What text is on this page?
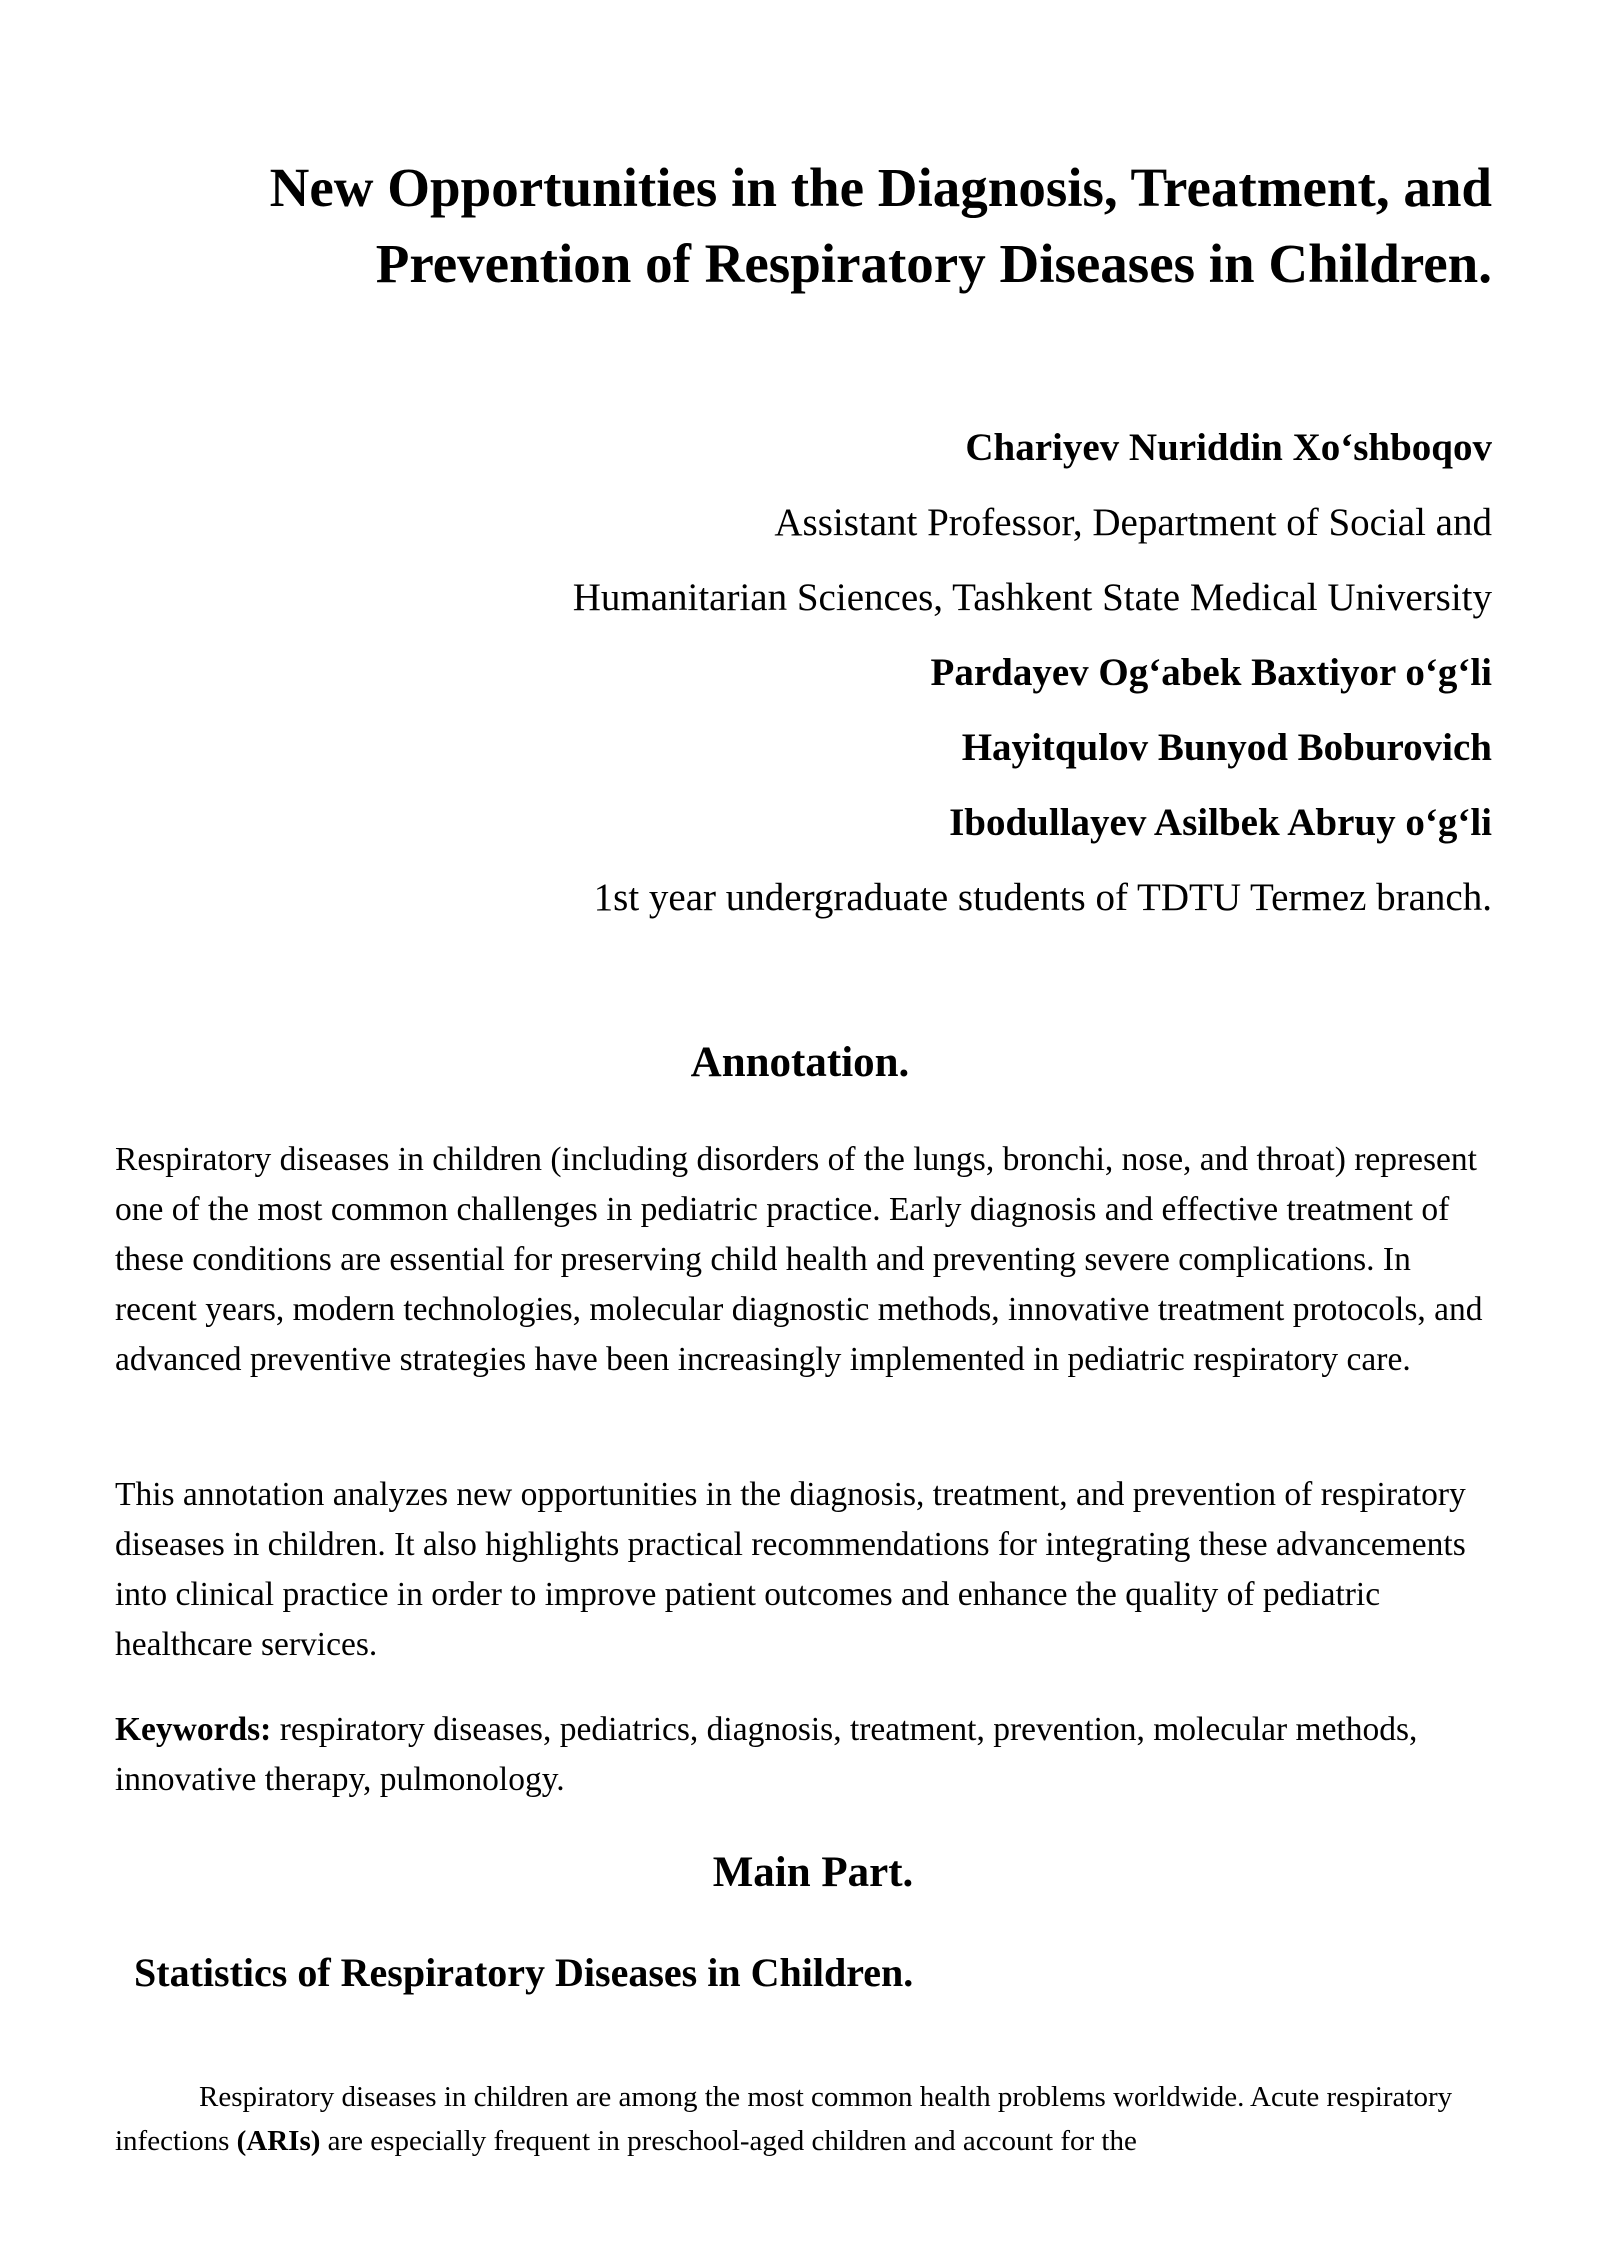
New Opportunities in the Diagnosis, Treatment, and
Prevention of Respiratory Diseases in Children.
Chariyev Nuriddin Xo‘shboqov
Assistant Professor, Department of Social and
Humanitarian Sciences, Tashkent State Medical University
Pardayev Og‘abek Baxtiyor o‘g‘li
Hayitqulov Bunyod Boburovich
Ibodullayev Asilbek Abruy o‘g‘li
1st year undergraduate students of TDTU Termez branch.
Annotation.

Respiratory diseases in children (including disorders of the lungs, bronchi, nose, and throat) represent one of the most common challenges in pediatric practice. Early diagnosis and effective treatment of these conditions are essential for preserving child health and preventing severe complications. In recent years, modern technologies, molecular diagnostic methods, innovative treatment protocols, and advanced preventive strategies have been increasingly implemented in pediatric respiratory care.

This annotation analyzes new opportunities in the diagnosis, treatment, and prevention of respiratory diseases in children. It also highlights practical recommendations for integrating these advancements into clinical practice in order to improve patient outcomes and enhance the quality of pediatric healthcare services.

Keywords: respiratory diseases, pediatrics, diagnosis, treatment, prevention, molecular methods, innovative therapy, pulmonology.

Main Part.
Statistics of Respiratory Diseases in Children.

Respiratory diseases in children are among the most common health problems worldwide. Acute respiratory infections (ARIs) are especially frequent in preschool-aged children and account for the
